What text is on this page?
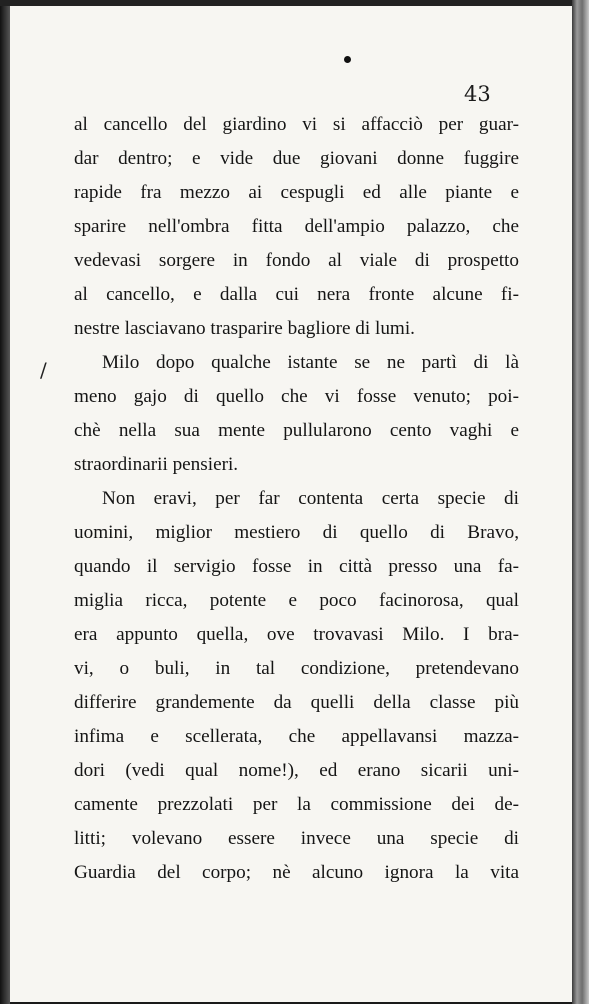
43
/
al cancello del giardino vi si affacciò per guar-
dar dentro; e vide due giovani donne fuggire
rapide fra mezzo ai cespugli ed alle piante e
sparire nell'ombra fitta dell'ampio palazzo, che
vedevasi sorgere in fondo al viale di prospetto
al cancello, e dalla cui nera fronte alcune fi-
nestre lasciavano trasparire bagliore di lumi.
Milo dopo qualche istante se ne partì di là
meno gajo di quello che vi fosse venuto; poi-
chè nella sua mente pullularono cento vaghi e
straordinarii pensieri.
Non eravi, per far contenta certa specie di
uomini, miglior mestiero di quello di Bravo,
quando il servigio fosse in città presso una fa-
miglia ricca, potente e poco facinorosa, qual
era appunto quella, ove trovavasi Milo. I bra-
vi, o buli, in tal condizione, pretendevano
differire grandemente da quelli della classe più
infima e scellerata, che appellavansi mazza-
dori (vedi qual nome!), ed erano sicarii uni-
camente prezzolati per la commissione dei de-
litti; volevano essere invece una specie di
Guardia del corpo; nè alcuno ignora la vita
